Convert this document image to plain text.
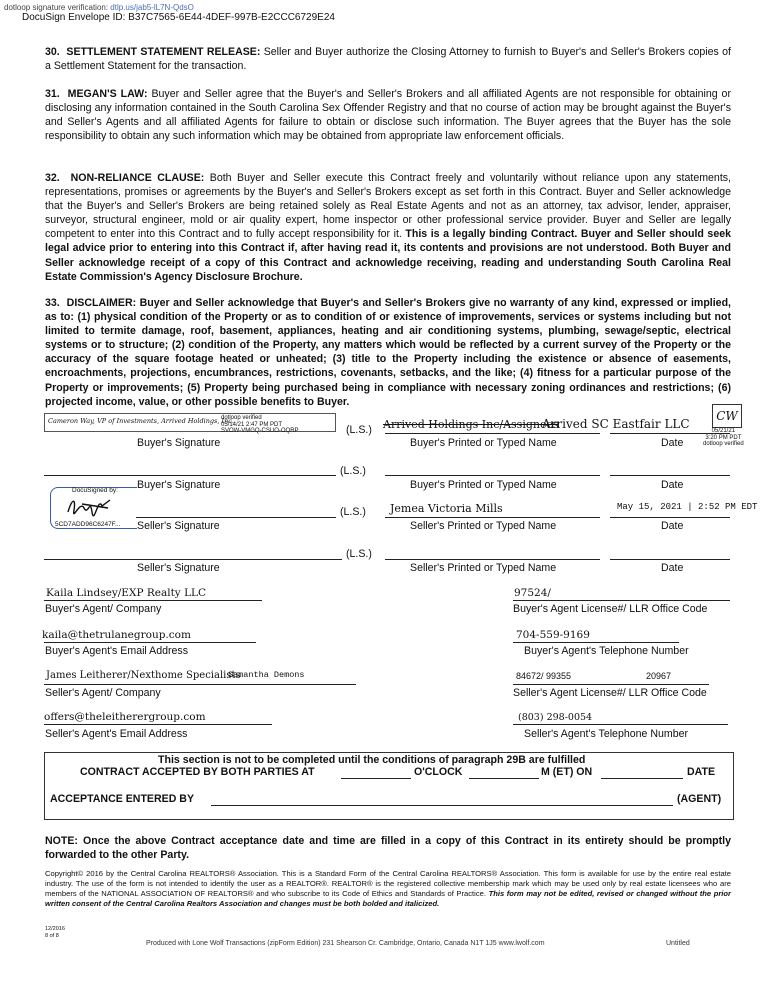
dotloop signature verification: dtlp.us/jab5-lL7N-QdsO
DocuSign Envelope ID: B37C7565-6E44-4DEF-997B-E2CCC6729E24
30. SETTLEMENT STATEMENT RELEASE: Seller and Buyer authorize the Closing Attorney to furnish to Buyer's and Seller's Brokers copies of a Settlement Statement for the transaction.
31. MEGAN'S LAW: Buyer and Seller agree that the Buyer's and Seller's Brokers and all affiliated Agents are not responsible for obtaining or disclosing any information contained in the South Carolina Sex Offender Registry and that no course of action may be brought against the Buyer's and Seller's Agents and all affiliated Agents for failure to obtain or disclose such information. The Buyer agrees that the Buyer has the sole responsibility to obtain any such information which may be obtained from appropriate law enforcement officials.
32. NON-RELIANCE CLAUSE: Both Buyer and Seller execute this Contract freely and voluntarily without reliance upon any statements, representations, promises or agreements by the Buyer's and Seller's Brokers except as set forth in this Contract. Buyer and Seller acknowledge that the Buyer's and Seller's Brokers are being retained solely as Real Estate Agents and not as an attorney, tax advisor, lender, appraiser, surveyor, structural engineer, mold or air quality expert, home inspector or other professional service provider. Buyer and Seller are legally competent to enter into this Contract and to fully accept responsibility for it. This is a legally binding Contract. Buyer and Seller should seek legal advice prior to entering into this Contract if, after having read it, its contents and provisions are not understood. Both Buyer and Seller acknowledge receipt of a copy of this Contract and acknowledge receiving, reading and understanding South Carolina Real Estate Commission's Agency Disclosure Brochure.
33. DISCLAIMER: Buyer and Seller acknowledge that Buyer's and Seller's Brokers give no warranty of any kind, expressed or implied, as to: (1) physical condition of the Property or as to condition of or existence of improvements, services or systems including but not limited to termite damage, roof, basement, appliances, heating and air conditioning systems, plumbing, sewage/septic, electrical systems or to structure; (2) condition of the Property, any matters which would be reflected by a current survey of the Property or the accuracy of the square footage heated or unheated; (3) title to the Property including the existence or absence of easements, encroachments, projections, encumbrances, restrictions, covenants, setbacks, and the like; (4) fitness for a particular purpose of the Property or improvements; (5) Property being purchased being in compliance with necessary zoning ordinances and restrictions; (6) projected income, value, or other possible benefits to Buyer.
Cameron Way, VP of Investments, Arrived Holdings, Inc.
dotloop verified
05/14/21 2:47 PM PDT
SVOW-VMGQ-CSUO-OQRP	(L.S.) Arrived Holdings Inc/Assignees
Arrived SC Eastfair LLC
CW
05/21/21
3:20 PM PDT
dotloop verified
Buyer's Signature	Buyer's Printed or Typed Name	Date
(L.S.)
Buyer's Signature	Buyer's Printed or Typed Name	Date
DocuSigned by:
5CD7ADD96C6247F...
(L.S.) Jemea Victoria Mills	May 15, 2021 | 2:52 PM EDT
Seller's Signature	Seller's Printed or Typed Name	Date
(L.S.)
Seller's Signature	Seller's Printed or Typed Name	Date
Kaila Lindsey/EXP Realty LLC	97524/
Buyer's Agent/ Company	Buyer's Agent License#/ LLR Office Code
kaila@thetrulanegroup.com	704-559-9169
Buyer's Agent's Email Address	Buyer's Agent's Telephone Number
James Leitherer/Nexthome Specialists
Samantha Demons	84672/ 99355	20967
Seller's Agent/ Company	Seller's Agent License#/ LLR Office Code
offers@theleitherergroup.com	(803) 298-0054
Seller's Agent's Email Address	Seller's Agent's Telephone Number
This section is not to be completed until the conditions of paragraph 29B are fulfilled
CONTRACT ACCEPTED BY BOTH PARTIES AT	O'CLOCK	M (ET) ON	DATE
ACCEPTANCE ENTERED BY	(AGENT)
NOTE: Once the above Contract acceptance date and time are filled in a copy of this Contract in its entirety should be promptly forwarded to the other Party.
Copyright© 2016 by the Central Carolina REALTORS® Association. This is a Standard Form of the Central Carolina REALTORS® Association. This form is available for use by the entire real estate industry. The use of the form is not intended to identify the user as a REALTOR®. REALTOR® is the registered collective membership mark which may be used only by real estate licensees who are members of the NATIONAL ASSOCIATION OF REALTORS® and who subscribe to its Code of Ethics and Standards of Practice. This form may not be edited, revised or changed without the prior written consent of the Central Carolina Realtors Association and changes must be both bolded and italicized.
12/2016
8 of 8
Produced with Lone Wolf Transactions (zipForm Edition) 231 Shearson Cr. Cambridge, Ontario, Canada N1T 1J5 www.lwolf.com	Untitled
